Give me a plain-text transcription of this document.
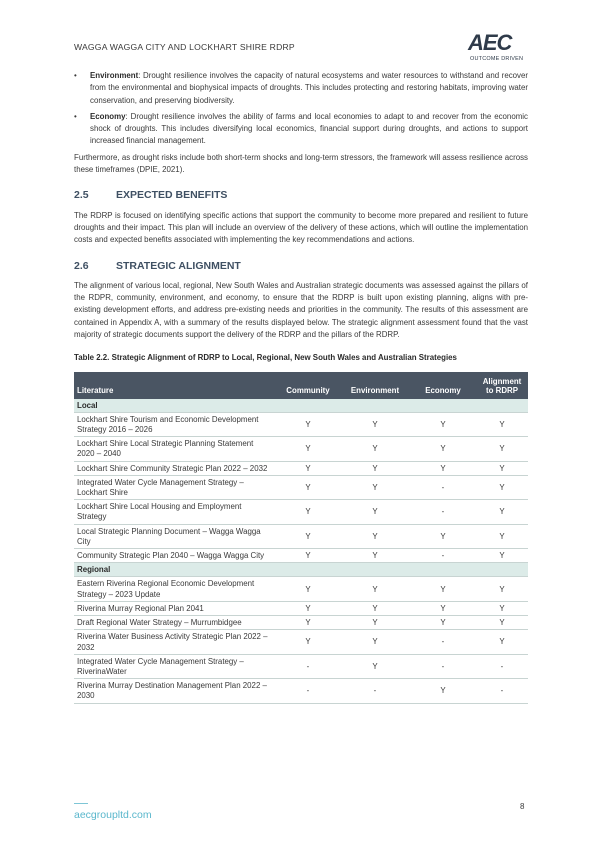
WAGGA WAGGA CITY AND LOCKHART SHIRE RDRP	AEC
OUTCOME DRIVEN
• Environment: Drought resilience involves the capacity of natural ecosystems and water resources to withstand and recover from the environmental and biophysical impacts of droughts. This includes protecting and restoring habitats, improving water conservation, and preserving biodiversity.
• Economy: Drought resilience involves the ability of farms and local economies to adapt to and recover from the economic shock of droughts. This includes diversifying local economics, financial support during droughts, and actions to support increased financial management.

Furthermore, as drought risks include both short-term shocks and long-term stressors, the framework will assess resilience across these timeframes (DPIE, 2021).

2.5	EXPECTED BENEFITS

The RDRP is focused on identifying specific actions that support the community to become more prepared and resilient to future droughts and their impact. This plan will include an overview of the delivery of these actions, which will outline the implementation costs and expected benefits associated with implementing the key recommendations and actions.

2.6	STRATEGIC ALIGNMENT

The alignment of various local, regional, New South Wales and Australian strategic documents was assessed against the pillars of the RDPR, community, environment, and economy, to ensure that the RDRP is built upon existing planning, aligns with pre-existing development efforts, and address pre-existing needs and priorities in the community. The results of this assessment are contained in Appendix A, with a summary of the results displayed below. The strategic alignment assessment found that the vast majority of strategic documents support the delivery of the RDRP and the pillars of the RDRP.

Table 2.2. Strategic Alignment of RDRP to Local, Regional, New South Wales and Australian Strategies
Literature	Community	Environment	Economy	Alignment to RDRP
Local				
Lockhart Shire Tourism and Economic Development Strategy 2016 – 2026	Y	Y	Y	Y
Lockhart Shire Local Strategic Planning Statement 2020 – 2040	Y	Y	Y	Y
Lockhart Shire Community Strategic Plan 2022 – 2032	Y	Y	Y	Y
Integrated Water Cycle Management Strategy – Lockhart Shire	Y	Y	-	Y
Lockhart Shire Local Housing and Employment Strategy	Y	Y	-	Y
Local Strategic Planning Document – Wagga Wagga City	Y	Y	Y	Y
Community Strategic Plan 2040 – Wagga Wagga City	Y	Y	-	Y
Regional				
Eastern Riverina Regional Economic Development Strategy – 2023 Update	Y	Y	Y	Y
Riverina Murray Regional Plan 2041	Y	Y	Y	Y
Draft Regional Water Strategy – Murrumbidgee	Y	Y	Y	Y
Riverina Water Business Activity Strategic Plan 2022 – 2032	Y	Y	-	Y
Integrated Water Cycle Management Strategy – RiverinaWater	-	Y	-	-
Riverina Murray Destination Management Plan 2022 – 2030	-	-	Y	-
aecgroupltd.com
8
